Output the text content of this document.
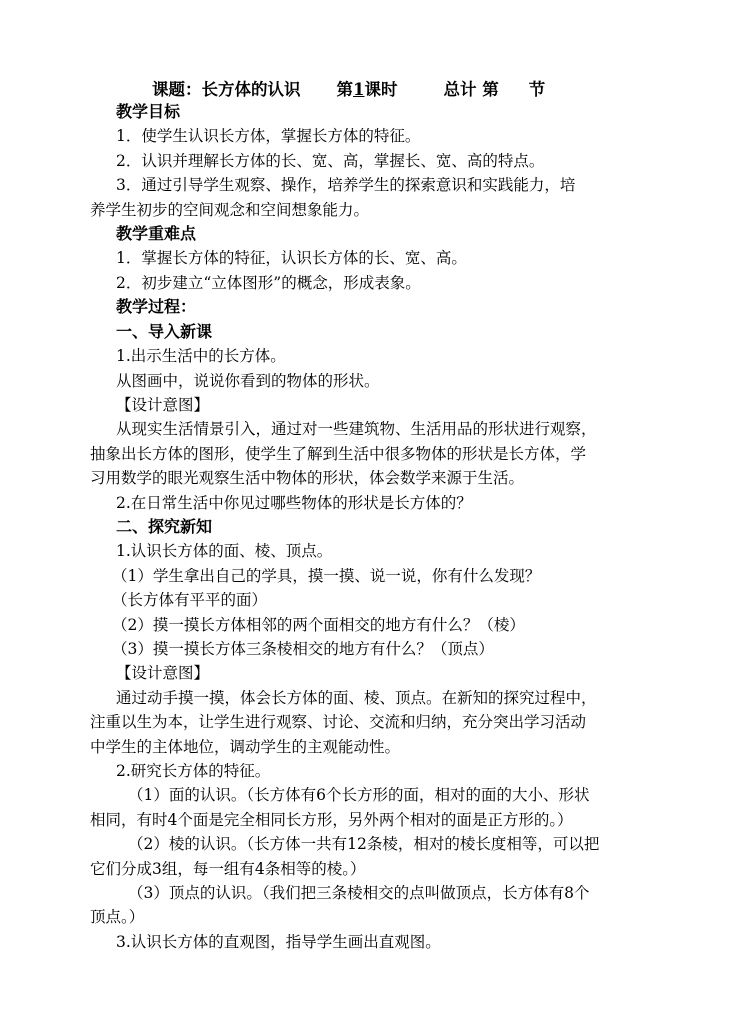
课题：长方体的认识 第1课时	总计 第 节
教学目标
1．使学生认识长方体，掌握长方体的特征。
2．认识并理解长方体的长、宽、高，掌握长、宽、高的特点。
3．通过引导学生观察、操作，培养学生的探索意识和实践能力，培
养学生初步的空间观念和空间想象能力。
教学重难点
1．掌握长方体的特征，认识长方体的长、宽、高。
2．初步建立“立体图形”的概念，形成表象。
教学过程：
一、导入新课
1.出示生活中的长方体。
从图画中，说说你看到的物体的形状。
【设计意图】
从现实生活情景引入，通过对一些建筑物、生活用品的形状进行观察，
抽象出长方体的图形，使学生了解到生活中很多物体的形状是长方体，学
习用数学的眼光观察生活中物体的形状，体会数学来源于生活。
2.在日常生活中你见过哪些物体的形状是长方体的？
二、探究新知
1.认识长方体的面、棱、顶点。
（1）学生拿出自己的学具，摸一摸、说一说，你有什么发现？
（长方体有平平的面）
（2）摸一摸长方体相邻的两个面相交的地方有什么？（棱）
（3）摸一摸长方体三条棱相交的地方有什么？（顶点）
【设计意图】
通过动手摸一摸，体会长方体的面、棱、顶点。在新知的探究过程中，
注重以生为本，让学生进行观察、讨论、交流和归纳，充分突出学习活动
中学生的主体地位，调动学生的主观能动性。
2.研究长方体的特征。
（1）面的认识。（长方体有6个长方形的面，相对的面的大小、形状
相同，有时4个面是完全相同长方形，另外两个相对的面是正方形的。）
（2）棱的认识。（长方体一共有12条棱，相对的棱长度相等，可以把
它们分成3组，每一组有4条相等的棱。）
（3）顶点的认识。（我们把三条棱相交的点叫做顶点，长方体有8个
顶点。）
3.认识长方体的直观图，指导学生画出直观图。
